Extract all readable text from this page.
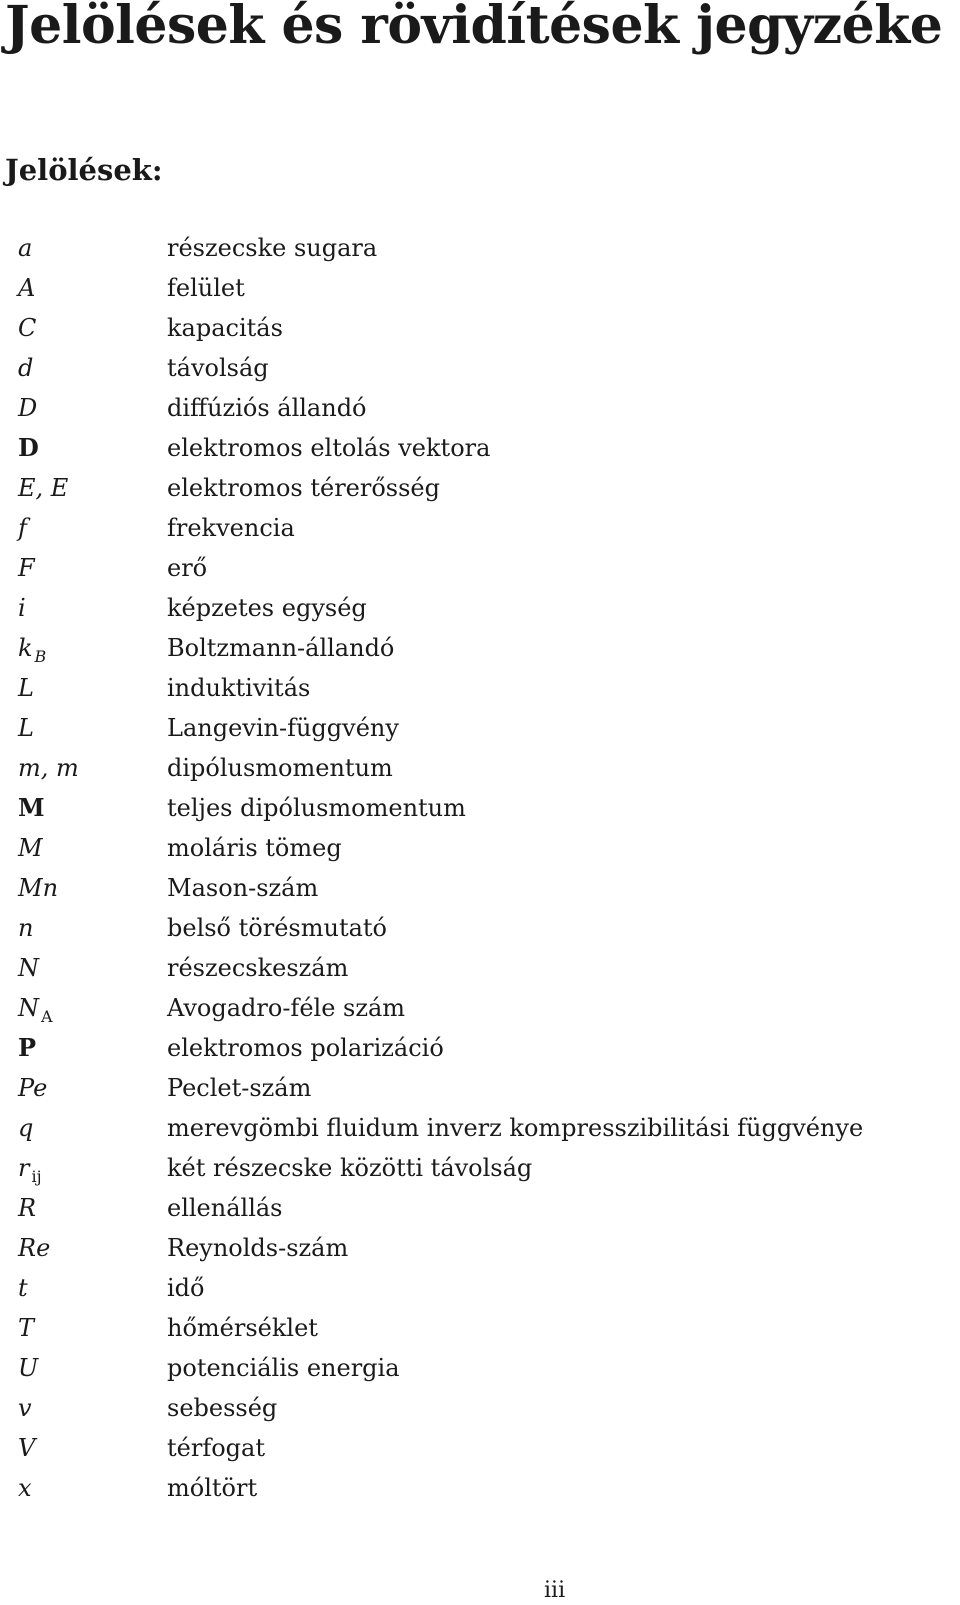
Jelölések és rövidítések jegyzéke
Jelölések:
a	részecske sugara
A	felület
C	kapacitás
d	távolság
D	diffúziós állandó
D	elektromos eltolás vektora
E, E	elektromos térerősség
f	frekvencia
F	erő
i	képzetes egység
k $_B$	Boltzmann-állandó
L	induktivitás
L	Langevin-függvény
m, m	dipólusmomentum
M	teljes dipólusmomentum
M	moláris tömeg
Mn	Mason-szám
n	belső törésmutató
N	részecskeszám
N $_A$	Avogadro-féle szám
P	elektromos polarizáció
Pe	Peclet-szám
q	merevgömbi fluidum inverz kompresszibilitási függvénye
r $_{ij}$	két részecske közötti távolság
R	ellenállás
Re	Reynolds-szám
t	idő
T	hőmérséklet
U	potenciális energia
v	sebesség
V	térfogat
x	móltört
iii
